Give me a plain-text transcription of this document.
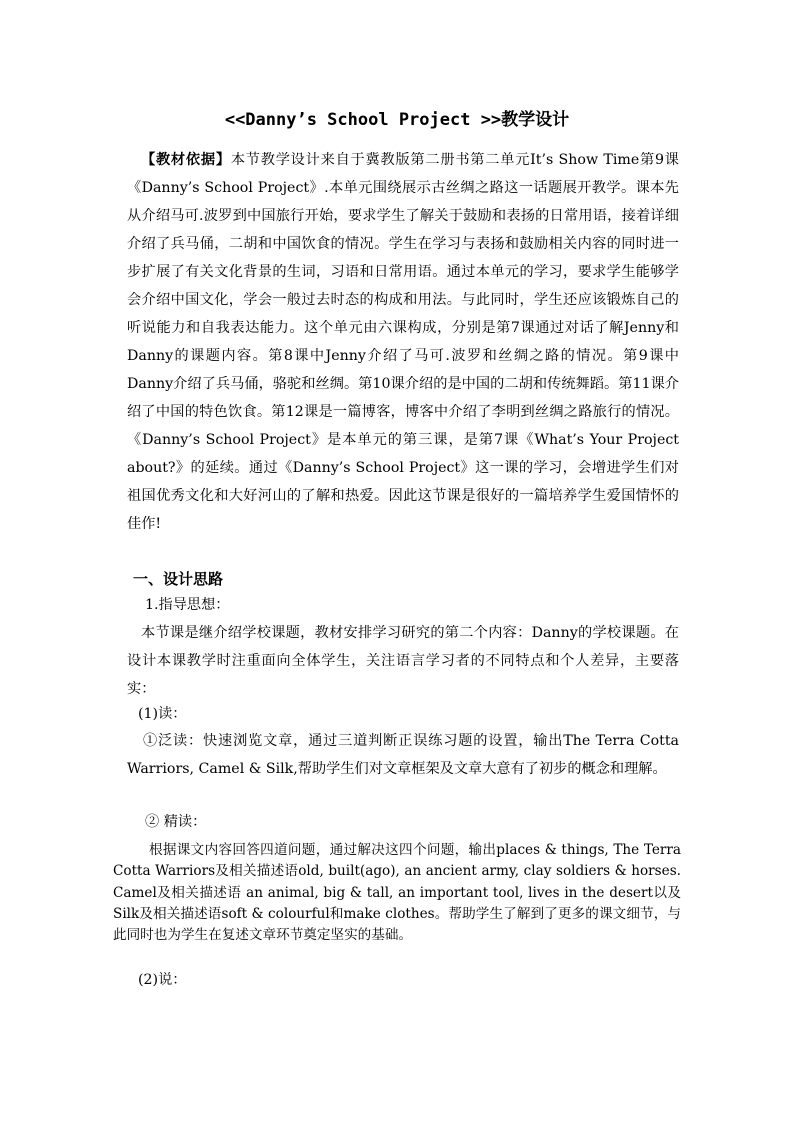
<<Danny’s School Project >>教学设计
【教材依据】本节教学设计来自于冀教版第二册书第二单元It’s Show Time第9课《Danny’s School Project》.本单元围绕展示古丝绸之路这一话题展开教学。课本先从介绍马可.波罗到中国旅行开始，要求学生了解关于鼓励和表扬的日常用语，接着详细介绍了兵马俑，二胡和中国饮食的情况。学生在学习与表扬和鼓励相关内容的同时进一步扩展了有关文化背景的生词，习语和日常用语。通过本单元的学习，要求学生能够学会介绍中国文化，学会一般过去时态的构成和用法。与此同时，学生还应该锻炼自己的听说能力和自我表达能力。这个单元由六课构成，分别是第7课通过对话了解Jenny和Danny的课题内容。第8课中Jenny介绍了马可.波罗和丝绸之路的情况。第9课中Danny介绍了兵马俑，骆驼和丝绸。第10课介绍的是中国的二胡和传统舞蹈。第11课介绍了中国的特色饮食。第12课是一篇博客，博客中介绍了李明到丝绸之路旅行的情况。《Danny’s School Project》是本单元的第三课，是第7课《What’s Your Project about?》的延续。通过《Danny’s School Project》这一课的学习，会增进学生们对祖国优秀文化和大好河山的了解和热爱。因此这节课是很好的一篇培养学生爱国情怀的佳作!
一、设计思路
1.指导思想：
本节课是继介绍学校课题，教材安排学习研究的第二个内容：Danny的学校课题。在设计本课教学时注重面向全体学生，关注语言学习者的不同特点和个人差异，主要落实：
(1)读：
①泛读：快速浏览文章，通过三道判断正误练习题的设置，输出The Terra Cotta Warriors, Camel & Silk,帮助学生们对文章框架及文章大意有了初步的概念和理解。
② 精读：
根据课文内容回答四道问题，通过解决这四个问题，输出places & things, The Terra Cotta Warriors及相关描述语old, built(ago), an ancient army, clay soldiers & horses. Camel及相关描述语 an animal, big & tall, an important tool, lives in the desert以及Silk及相关描述语soft & colourful和make clothes。帮助学生了解到了更多的课文细节，与此同时也为学生在复述文章环节奠定坚实的基础。
(2)说：
